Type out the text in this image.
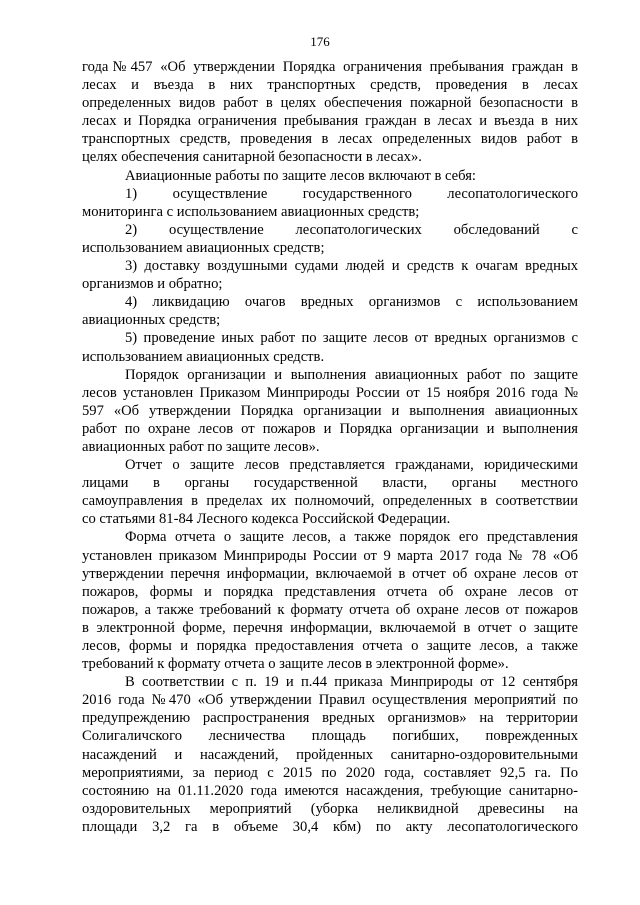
176
года№457 «Об утверждении Порядка ограничения пребывания граждан в
лесах и въезда в них транспортных средств, проведения в лесах
определенных видов работ в целях обеспечения пожарной безопасности в
лесах и Порядка ограничения пребывания граждан в лесах и въезда в них
транспортных средств, проведения в лесах определенных видов работ в
целях обеспечения санитарной безопасности в лесах».
Авиационные работы по защите лесов включают в себя:
1) осуществление государственного лесопатологического
мониторинга с использованием авиационных средств;
2) осуществление лесопатологических обследований с
использованием авиационных средств;
3) доставку воздушными судами людей и средств к очагам вредных
организмов и обратно;
4) ликвидацию очагов вредных организмов с использованием
авиационных средств;
5) проведение иных работ по защите лесов от вредных организмов с
использованием авиационных средств.
Порядок организации и выполнения авиационных работ по защите
лесов установлен Приказом Минприроды России от 15 ноября 2016 года №
597 «Об утверждении Порядка организации и выполнения авиационных
работ по охране лесов от пожаров и Порядка организации и выполнения
авиационных работ по защите лесов».
Отчет о защите лесов представляется гражданами, юридическими
лицами в органы государственной власти, органы местного
самоуправления в пределах их полномочий, определенных в соответствии
со статьями 81-84 Лесного кодекса Российской Федерации.
Форма отчета о защите лесов, а также порядок его представления
установлен приказом Минприроды России от 9 марта 2017 года № 78 «Об
утверждении перечня информации, включаемой в отчет об охране лесов от
пожаров, формы и порядка представления отчета об охране лесов от
пожаров, а также требований к формату отчета об охране лесов от пожаров
в электронной форме, перечня информации, включаемой в отчет о защите
лесов, формы и порядка предоставления отчета о защите лесов, а также
требований к формату отчета о защите лесов в электронной форме».
В соответствии с п. 19 и п.44 приказа Минприроды от 12 сентября
2016 года №470 «Об утверждении Правил осуществления мероприятий по
предупреждению распространения вредных организмов» на территории
Солигаличского лесничества площадь погибших, поврежденных
насаждений и насаждений, пройденных санитарно-оздоровительными
мероприятиями, за период с 2015 по 2020 года, составляет 92,5 га. По
состоянию на 01.11.2020 года имеются насаждения, требующие санитарно-
оздоровительных мероприятий (уборка неликвидной древесины на
площади 3,2 га в объеме 30,4 кбм) по акту лесопатологического
